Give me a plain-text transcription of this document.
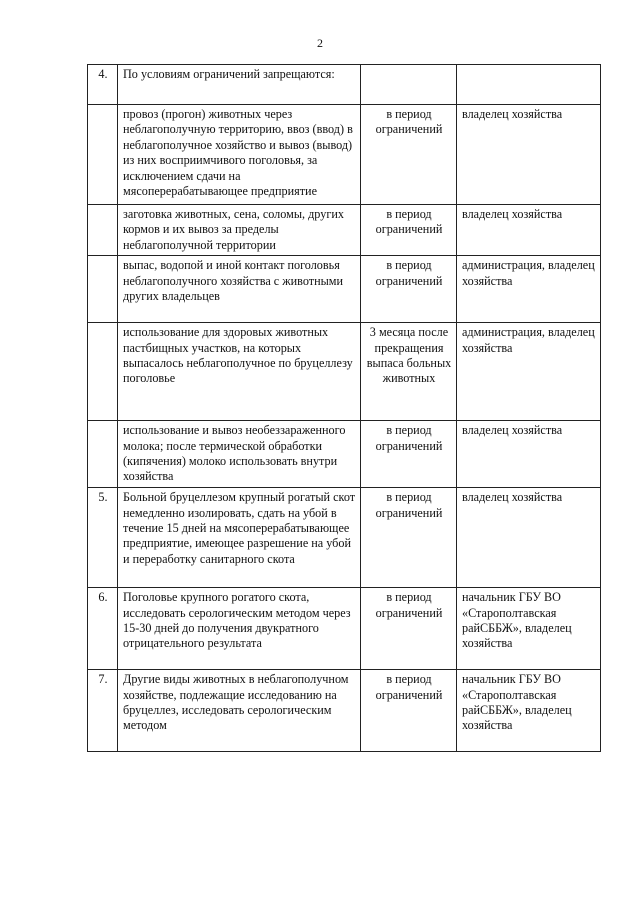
2
4.	По условиям ограничений запрещаются:		
	провоз (прогон) животных через неблагополучную территорию, ввоз (ввод) в неблагополучное хозяйство и вывоз (вывод) из них восприимчивого поголовья, за исключением сдачи на мясоперерабатывающее предприятие	в период ограничений	владелец хозяйства
	заготовка животных, сена, соломы, других кормов и их вывоз за пределы неблагополучной территории	в период ограничений	владелец хозяйства
	выпас, водопой и иной контакт поголовья неблагополучного хозяйства с животными других владельцев	в период ограничений	администрация, владелец хозяйства
	использование для здоровых животных пастбищных участков, на которых выпасалось неблагополучное по бруцеллезу поголовье	3 месяца после прекращения выпаса больных животных	администрация, владелец хозяйства
	использование и вывоз необеззараженного молока; после термической обработки (кипячения) молоко использовать внутри хозяйства	в период ограничений	владелец хозяйства
5.	Больной бруцеллезом крупный рогатый скот немедленно изолировать, сдать на убой в течение 15 дней на мясоперерабатывающее предприятие, имеющее разрешение на убой и переработку санитарного скота	в период ограничений	владелец хозяйства
6.	Поголовье крупного рогатого скота, исследовать серологическим методом через 15-30 дней до получения двукратного отрицательного результата	в период ограничений	начальник ГБУ ВО «Старополтавская райСББЖ», владелец хозяйства
7.	Другие виды животных в неблагополучном хозяйстве, подлежащие исследованию на бруцеллез, исследовать серологическим методом	в период ограничений	начальник ГБУ ВО «Старополтавская райСББЖ», владелец хозяйства
